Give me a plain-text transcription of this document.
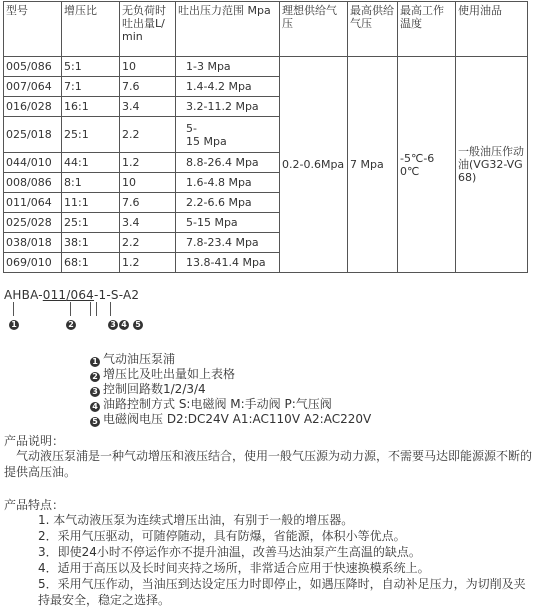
型号	增压比	无负荷时吐出量L/min	吐出压力范围 Mpa	理想供给气压	最高供给气压	最高工作温度	使用油品
005/086	5:1	10	1-3 Mpa	0.2-0.6Mpa	7 Mpa	-5℃-60℃	一般油压作动油(VG32-VG68)
007/064	7:1	7.6	1.4-4.2 Mpa				
016/028	16:1	3.4	3.2-11.2 Mpa				
025/018	25:1	2.2	5-
15 Mpa				
044/010	44:1	1.2	8.8-26.4 Mpa				
008/086	8:1	10	1.6-4.8 Mpa				
011/064	11:1	7.6	2.2-6.6 Mpa				
025/028	25:1	3.4	5-15 Mpa				
038/018	38:1	2.2	7.8-23.4 Mpa				
069/010	68:1	1.2	13.8-41.4 Mpa				
AHBA-011/064-1-S-A2
1	2	3 4 5
1 气动油压泵浦
2 增压比及吐出量如上表格
3 控制回路数1/2/3/4
4 油路控制方式 S:电磁阀 M:手动阀 P:气压阀
5 电磁阀电压 D2:DC24V A1:AC110V A2:AC220V
产品说明：
气动液压泵浦是一种气动增压和液压结合，使用一般气压源为动力源，不需要马达即能源源不断的提供高压油。
产品特点：
1. 本气动液压泵为连续式增压出油，有别于一般的增压器。
2．采用气压驱动，可随停随动，具有防爆，省能源，体积小等优点。
3．即使24小时不停运作亦不提升油温，改善马达油泵产生高温的缺点。
4．适用于高压以及长时间夹持之场所，非常适合应用于快速换模系统上。
5．采用气压作动，当油压到达设定压力时即停止，如遇压降时，自动补足压力，为切削及夹持最安全，稳定之选择。
